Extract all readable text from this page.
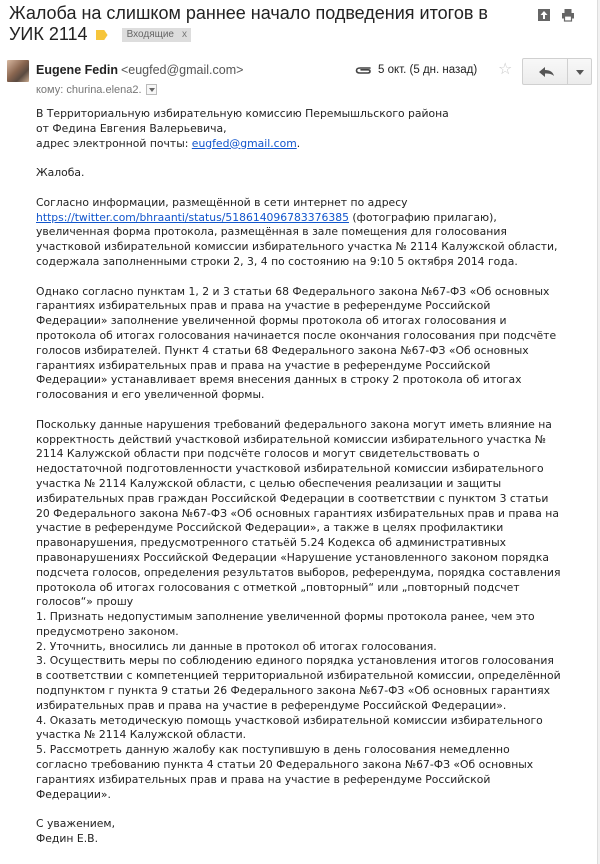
Жалоба на слишком раннее начало подведения итогов в УИК 2114	Входящие x
Eugene Fedin <eugfed@gmail.com>
кому: churina.elena2.
5 окт. (5 дн. назад) ☆

В Территориальную избирательную комиссию Перемышльского района

от Федина Евгения Валерьевича,

адрес электронной почты: eugfed@gmail.com.

Жалоба.

Согласно информации, размещённой в сети интернет по адресу https://twitter.com/bhraanti/status/518614096783376385 (фотографию прилагаю), увеличенная форма протокола, размещённая в зале помещения для голосования участковой избирательной комиссии избирательного участка № 2114 Калужской области, содержала заполненными строки 2, 3, 4 по состоянию на 9:10 5 октября 2014 года.

Однако согласно пунктам 1, 2 и 3 статьи 68 Федерального закона №67-ФЗ «Об основных гарантиях избирательных прав и права на участие в референдуме Российской Федерации» заполнение увеличенной формы протокола об итогах голосования и протокола об итогах голосования начинается после окончания голосования при подсчёте голосов избирателей. Пункт 4 статьи 68 Федерального закона №67-ФЗ «Об основных гарантиях избирательных прав и права на участие в референдуме Российской Федерации» устанавливает время внесения данных в строку 2 протокола об итогах голосования и его увеличенной формы.

Поскольку данные нарушения требований федерального закона могут иметь влияние на корректность действий участковой избирательной комиссии избирательного участка № 2114 Калужской области при подсчёте голосов и могут свидетельствовать о недостаточной подготовленности участковой избирательной комиссии избирательного участка № 2114 Калужской области, с целью обеспечения реализации и защиты избирательных прав граждан Российской Федерации в соответствии с пунктом 3 статьи 20 Федерального закона №67-ФЗ «Об основных гарантиях избирательных прав и права на участие в референдуме Российской Федерации», а также в целях профилактики правонарушения, предусмотренного статьёй 5.24 Кодекса об административных правонарушениях Российской Федерации «Нарушение установленного законом порядка подсчета голосов, определения результатов выборов, референдума, порядка составления протокола об итогах голосования с отметкой „повторный“ или „повторный подсчет голосов“» прошу

1. Признать недопустимым заполнение увеличенной формы протокола ранее, чем это предусмотрено законом.

2. Уточнить, вносились ли данные в протокол об итогах голосования.

3. Осуществить меры по соблюдению единого порядка установления итогов голосования в соответствии с компетенцией территориальной избирательной комиссии, определённой подпунктом г пункта 9 статьи 26 Федерального закона №67-ФЗ «Об основных гарантиях избирательных прав и права на участие в референдуме Российской Федерации».

4. Оказать методическую помощь участковой избирательной комиссии избирательного участка № 2114 Калужской области.

5. Рассмотреть данную жалобу как поступившую в день голосования немедленно согласно требованию пункта 4 статьи 20 Федерального закона №67-ФЗ «Об основных гарантиях избирательных прав и права на участие в референдуме Российской Федерации».

С уважением,

Федин Е.В.
